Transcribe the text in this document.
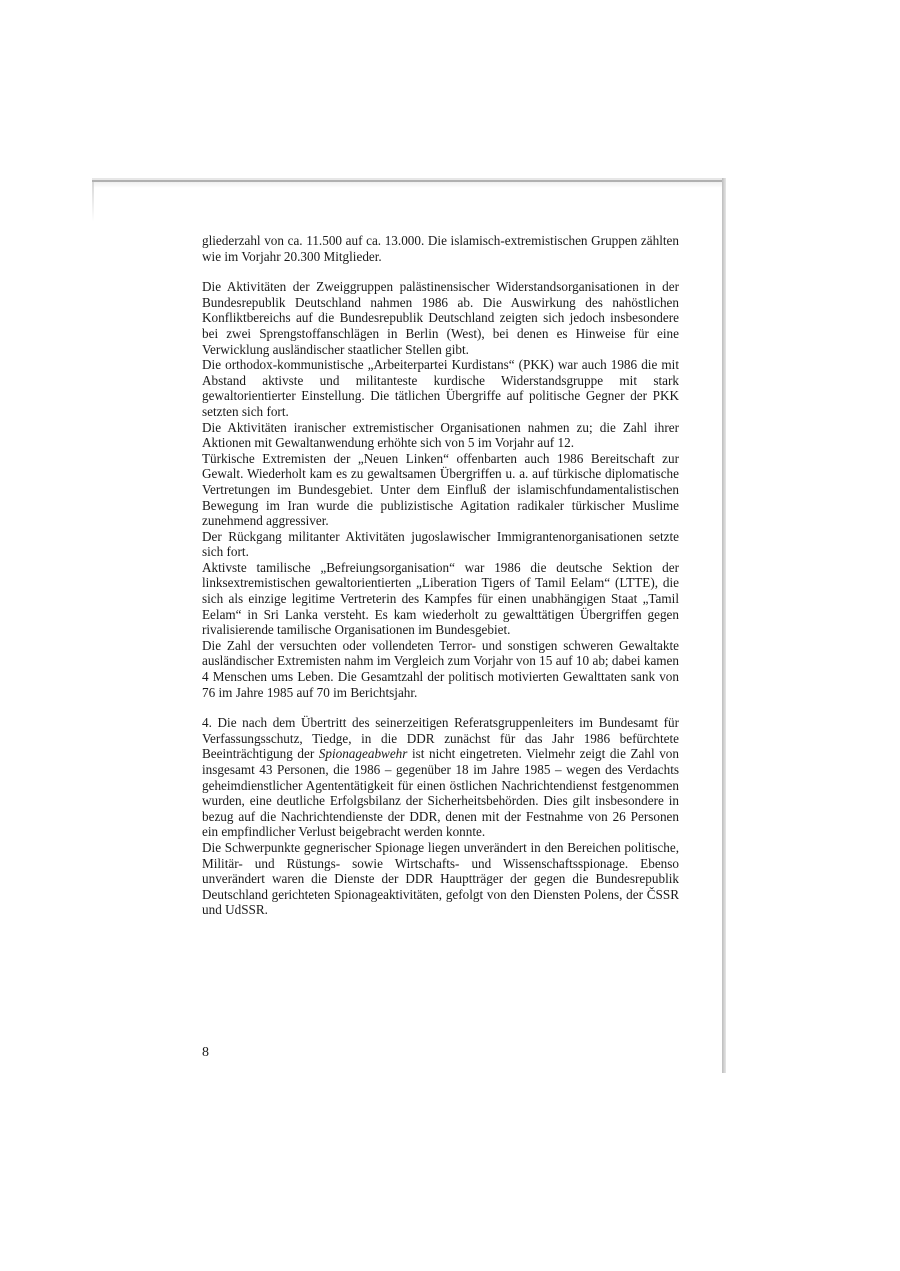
gliederzahl von ca. 11.500 auf ca. 13.000. Die islamisch-extremistischen Gruppen zählten wie im Vorjahr 20.300 Mitglieder.

Die Aktivitäten der Zweiggruppen palästinensischer Widerstandsorganisationen in der Bundesrepublik Deutschland nahmen 1986 ab. Die Auswirkung des nahöstlichen Konfliktbereichs auf die Bundesrepublik Deutschland zeigten sich jedoch insbesondere bei zwei Sprengstoffanschlägen in Berlin (West), bei denen es Hinweise für eine Verwicklung ausländischer staatlicher Stellen gibt.

Die orthodox-kommunistische „Arbeiterpartei Kurdistans“ (PKK) war auch 1986 die mit Abstand aktivste und militanteste kurdische Widerstandsgruppe mit stark gewaltorientierter Einstellung. Die tätlichen Übergriffe auf politische Gegner der PKK setzten sich fort.

Die Aktivitäten iranischer extremistischer Organisationen nahmen zu; die Zahl ihrer Aktionen mit Gewaltanwendung erhöhte sich von 5 im Vorjahr auf 12.

Türkische Extremisten der „Neuen Linken“ offenbarten auch 1986 Bereitschaft zur Gewalt. Wiederholt kam es zu gewaltsamen Übergriffen u. a. auf türkische diplomatische Vertretungen im Bundesgebiet. Unter dem Einfluß der islamischfundamentalistischen Bewegung im Iran wurde die publizistische Agitation radikaler türkischer Muslime zunehmend aggressiver.

Der Rückgang militanter Aktivitäten jugoslawischer Immigrantenorganisationen setzte sich fort.

Aktivste tamilische „Befreiungsorganisation“ war 1986 die deutsche Sektion der linksextremistischen gewaltorientierten „Liberation Tigers of Tamil Eelam“ (LTTE), die sich als einzige legitime Vertreterin des Kampfes für einen unabhängigen Staat „Tamil Eelam“ in Sri Lanka versteht. Es kam wiederholt zu gewalttätigen Übergriffen gegen rivalisierende tamilische Organisationen im Bundesgebiet.

Die Zahl der versuchten oder vollendeten Terror- und sonstigen schweren Gewaltakte ausländischer Extremisten nahm im Vergleich zum Vorjahr von 15 auf 10 ab; dabei kamen 4 Menschen ums Leben. Die Gesamtzahl der politisch motivierten Gewalttaten sank von 76 im Jahre 1985 auf 70 im Berichtsjahr.

4. Die nach dem Übertritt des seinerzeitigen Referatsgruppenleiters im Bundesamt für Verfassungsschutz, Tiedge, in die DDR zunächst für das Jahr 1986 befürchtete Beeinträchtigung der Spionageabwehr ist nicht eingetreten. Vielmehr zeigt die Zahl von insgesamt 43 Personen, die 1986 – gegenüber 18 im Jahre 1985 – wegen des Verdachts geheimdienstlicher Agententätigkeit für einen östlichen Nachrichtendienst festgenommen wurden, eine deutliche Erfolgsbilanz der Sicherheitsbehörden. Dies gilt insbesondere in bezug auf die Nachrichtendienste der DDR, denen mit der Festnahme von 26 Personen ein empfindlicher Verlust beigebracht werden konnte.

Die Schwerpunkte gegnerischer Spionage liegen unverändert in den Bereichen politische, Militär- und Rüstungs- sowie Wirtschafts- und Wissenschaftsspionage. Ebenso unverändert waren die Dienste der DDR Hauptträger der gegen die Bundesrepublik Deutschland gerichteten Spionageaktivitäten, gefolgt von den Diensten Polens, der ČSSR und UdSSR.

8
